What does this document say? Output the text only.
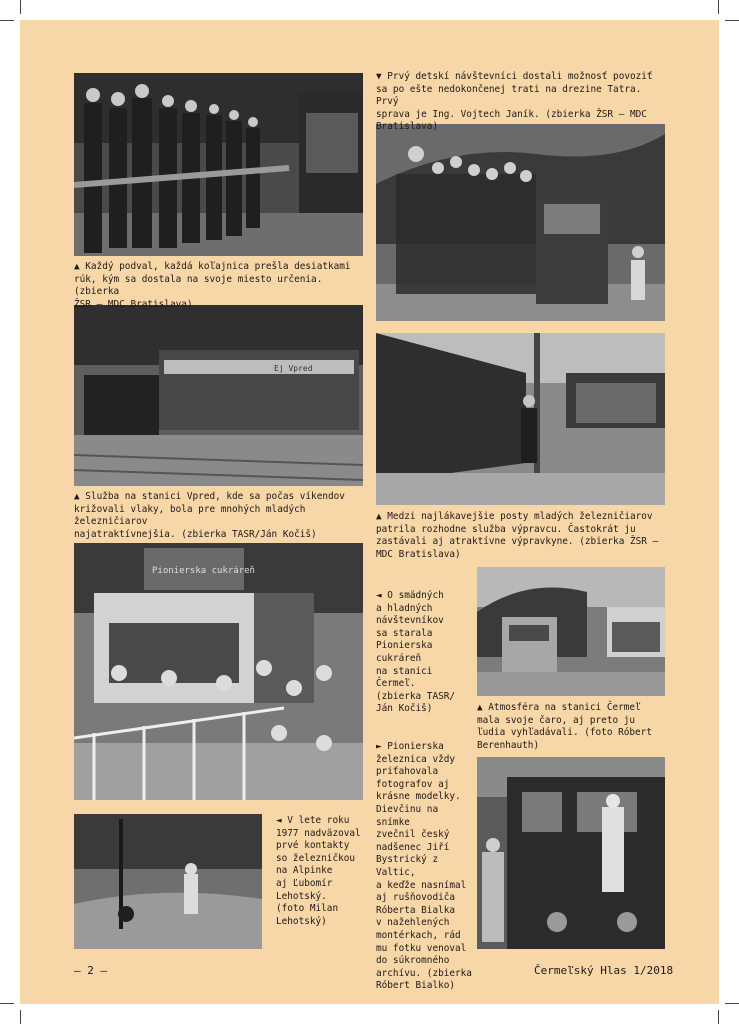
Ej Vpred
Pionierska cukráreň
▲ Každý podval, každá koľajnica prešla desiatkami
rúk, kým sa dostala na svoje miesto určenia. (zbierka
ŽSR – MDC Bratislava)
▼ Prvý detskí návštevníci dostali možnosť povoziť
sa po ešte nedokončenej trati na drezine Tatra. Prvý
sprava je Ing. Vojtech Janík. (zbierka ŽSR – MDC
Bratislava)
▲ Služba na stanici Vpred, kde sa počas víkendov
križovali vlaky, bola pre mnohých mladých železničiarov
najatraktívnejšia. (zbierka TASR/Ján Kočiš)
▲ Medzi najlákavejšie posty mladých železničiarov
patrila rozhodne služba výpravcu. Častokrát ju
zastávali aj atraktívne výpravkyne. (zbierka ŽSR –
MDC Bratislava)
◄ O smädných
a hladných
návštevníkov
sa starala
Pionierska
cukráreň
na stanici
Čermeľ.
(zbierka TASR/
Ján Kočiš)	▲ Atmosféra na stanici Čermeľ
mala svoje čaro, aj preto ju
ľudia vyhľadávali. (foto Róbert
Berenhauth)
► Pionierska
železnica vždy
priťahovala
fotografov aj
krásne modelky.
Dievčinu na snímke
zvečnil český
nadšenec Jiří
Bystrický z Valtic,
a keďže nasnímal
aj rušňovodiča
Róberta Bialka
v nažehlených
montérkach, rád
mu fotku venoval
do súkromného
archívu. (zbierka
Róbert Bialko)
◄ V lete roku
1977 nadväzoval
prvé kontakty
so železničkou
na Alpinke
aj Ľubomír
Lehotský.
(foto Milan
Lehotský)
– 2 –	Čermeľský Hlas 1/2018
